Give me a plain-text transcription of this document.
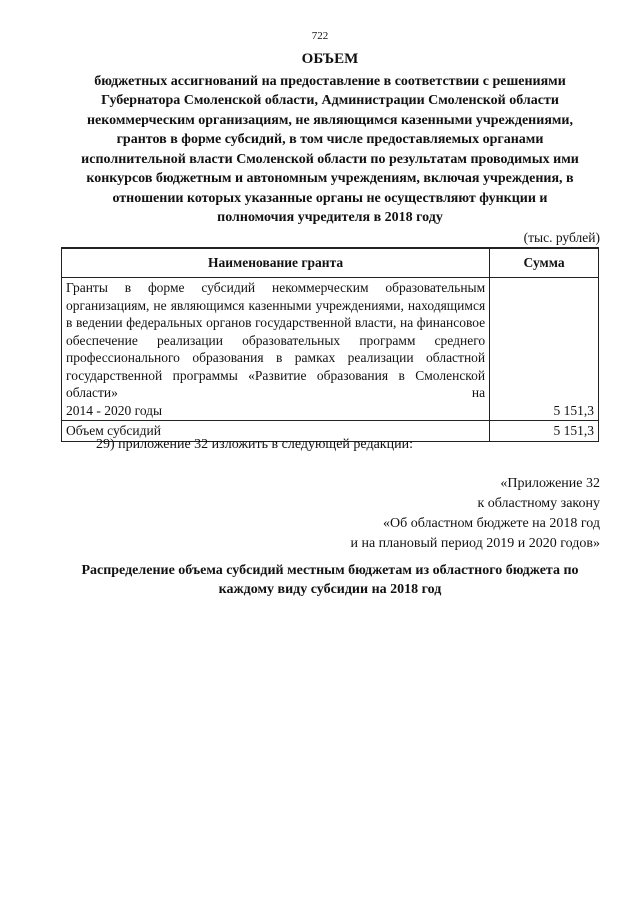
722
ОБЪЕМ
бюджетных ассигнований на предоставление в соответствии с решениями
Губернатора Смоленской области, Администрации Смоленской области
некоммерческим организациям, не являющимся казенными учреждениями,
грантов в форме субсидий, в том числе предоставляемых органами
исполнительной власти Смоленской области по результатам проводимых ими
конкурсов бюджетным и автономным учреждениям, включая учреждения, в
отношении которых указанные органы не осуществляют функции и
полномочия учредителя в 2018 году
(тыс. рублей)
Наименование гранта	Сумма

Гранты в форме субсидий некоммерческим образовательным организациям, не являющимся казенными учреждениями, находящимся в ведении федеральных органов государственной власти, на финансовое обеспечение реализации образовательных программ среднего профессионального образования в рамках реализации областной государственной программы «Развитие образования в Смоленской области» на
2014 - 2020 годы	5 151,3
Объем субсидий	5 151,3
29) приложение 32 изложить в следующей редакции:
«Приложение 32
к областному закону
«Об областном бюджете на 2018 год
и на плановый период 2019 и 2020 годов»
Распределение объема субсидий местным бюджетам из областного бюджета по
каждому виду субсидии на 2018 год
